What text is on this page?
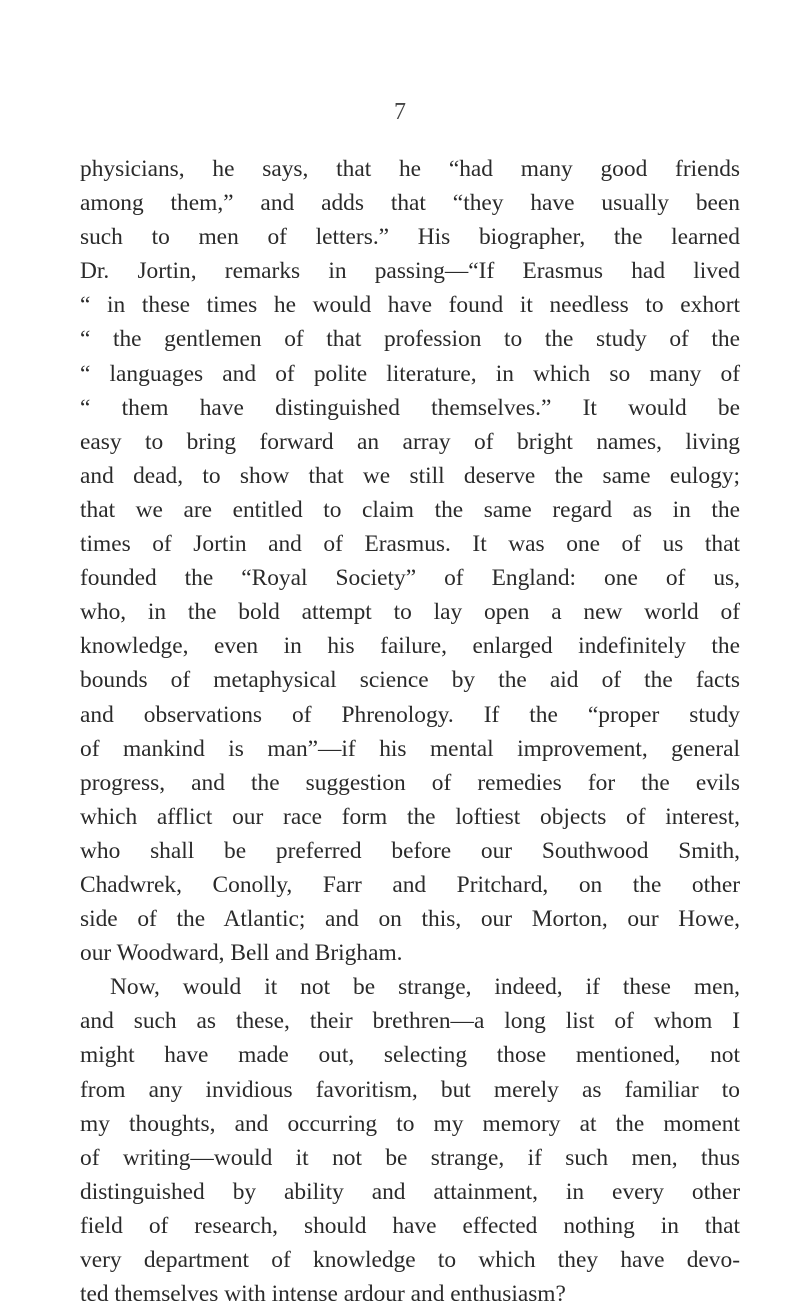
7
physicians, he says, that he “had many good friends
among them,” and adds that “they have usually been
such to men of letters.” His biographer, the learned
Dr. Jortin, remarks in passing—“If Erasmus had lived
“ in these times he would have found it needless to exhort
“ the gentlemen of that profession to the study of the
“ languages and of polite literature, in which so many of
“ them have distinguished themselves.” It would be
easy to bring forward an array of bright names, living
and dead, to show that we still deserve the same eulogy;
that we are entitled to claim the same regard as in the
times of Jortin and of Erasmus. It was one of us that
founded the “Royal Society” of England: one of us,
who, in the bold attempt to lay open a new world of
knowledge, even in his failure, enlarged indefinitely the
bounds of metaphysical science by the aid of the facts
and observations of Phrenology. If the “proper study
of mankind is man”—if his mental improvement, general
progress, and the suggestion of remedies for the evils
which afflict our race form the loftiest objects of interest,
who shall be preferred before our Southwood Smith,
Chadwrek, Conolly, Farr and Pritchard, on the other
side of the Atlantic; and on this, our Morton, our Howe,
our Woodward, Bell and Brigham.
Now, would it not be strange, indeed, if these men,
and such as these, their brethren—a long list of whom I
might have made out, selecting those mentioned, not
from any invidious favoritism, but merely as familiar to
my thoughts, and occurring to my memory at the moment
of writing—would it not be strange, if such men, thus
distinguished by ability and attainment, in every other
field of research, should have effected nothing in that
very department of knowledge to which they have devo-
ted themselves with intense ardour and enthusiasm?
